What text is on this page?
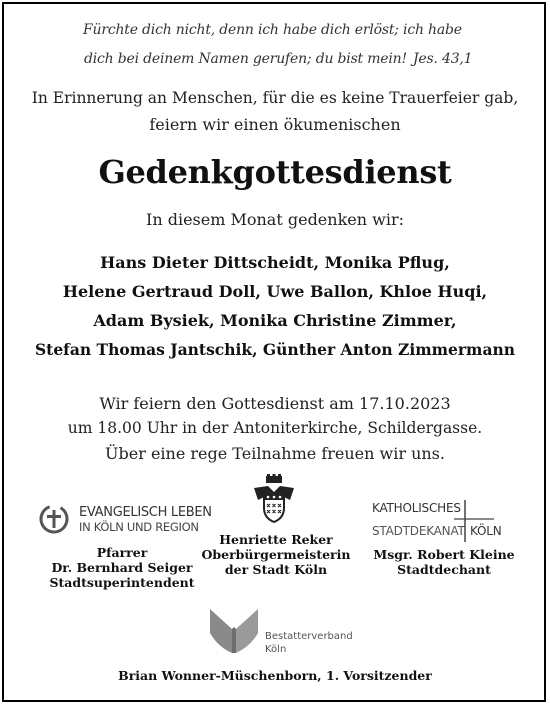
Fürchte dich nicht, denn ich habe dich erlöst; ich habe
dich bei deinem Namen gerufen; du bist mein! Jes. 43,1
In Erinnerung an Menschen, für die es keine Trauerfeier gab,
feiern wir einen ökumenischen
Gedenkgottesdienst
In diesem Monat gedenken wir:
Hans Dieter Dittscheidt, Monika Pflug,
Helene Gertraud Doll, Uwe Ballon, Khloe Huqi,
Adam Bysiek, Monika Christine Zimmer,
Stefan Thomas Jantschik, Günther Anton Zimmermann
Wir feiern den Gottesdienst am 17.10.2023
um 18.00 Uhr in der Antoniterkirche, Schildergasse.
Über eine rege Teilnahme freuen wir uns.
EVANGELISCH LEBEN
IN KÖLN UND REGION
KATHOLISCHES
STADTDEKANAT KÖLN
Pfarrer
Dr. Bernhard Seiger
Stadtsuperintendent
Henriette Reker
Oberbürgermeisterin
der Stadt Köln
Msgr. Robert Kleine
Stadtdechant
Bestatterverband
Köln
Brian Wonner-Müschenborn, 1. Vorsitzender
